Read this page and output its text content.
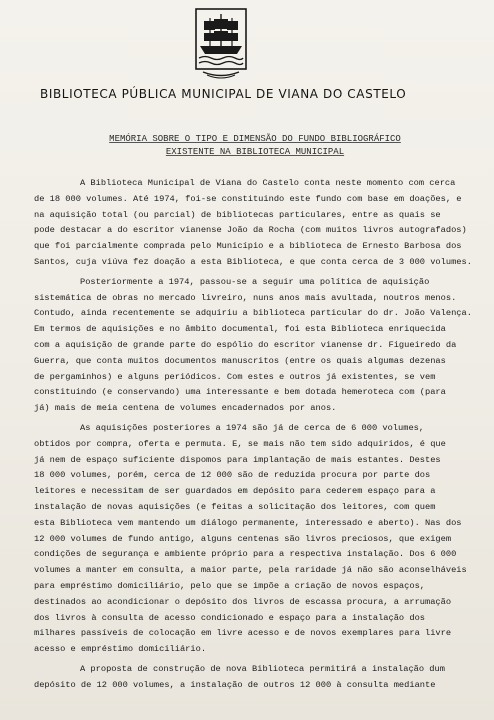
BIBLIOTECA PÚBLICA MUNICIPAL DE VIANA DO CASTELO
MEMÓRIA SOBRE O TIPO E DIMENSÃO DO FUNDO BIBLIOGRÁFICO
EXISTENTE NA BIBLIOTECA MUNICIPAL
A Biblioteca Municipal de Viana do Castelo conta neste momento com cerca
de 18 000 volumes. Até 1974, foi-se constituindo este fundo com base em doações, e
na aquisição total (ou parcial) de bibliotecas particulares, entre as quais se
pode destacar a do escritor vianense João da Rocha (com muitos livros autografados)
que foi parcialmente comprada pelo Município e a biblioteca de Ernesto Barbosa dos
Santos, cuja viúva fez doação a esta Biblioteca, e que conta cerca de 3 000 volumes.
Posteriormente a 1974, passou-se a seguir uma política de aquisição
sistemática de obras no mercado livreiro, nuns anos mais avultada, noutros menos.
Contudo, ainda recentemente se adquiriu a biblioteca particular do dr. João Valença.
Em termos de aquisições e no âmbito documental, foi esta Biblioteca enriquecida
com a aquisição de grande parte do espólio do escritor vianense dr. Figueiredo da
Guerra, que conta muitos documentos manuscritos (entre os quais algumas dezenas
de pergaminhos) e alguns periódicos. Com estes e outros já existentes, se vem
constituindo (e conservando) uma interessante e bem dotada hemeroteca com (para
já) mais de meia centena de volumes encadernados por anos.
As aquisições posteriores a 1974 são já de cerca de 6 000 volumes,
obtidos por compra, oferta e permuta. E, se mais não tem sido adquiridos, é que
já nem de espaço suficiente dispomos para implantação de mais estantes. Destes
18 000 volumes, porém, cerca de 12 000 são de reduzida procura por parte dos
leitores e necessitam de ser guardados em depósito para cederem espaço para a
instalação de novas aquisições (e feitas a solicitação dos leitores, com quem
esta Biblioteca vem mantendo um diálogo permanente, interessado e aberto). Nas dos
12 000 volumes de fundo antigo, alguns centenas são livros preciosos, que exigem
condições de segurança e ambiente próprio para a respectiva instalação. Dos 6 000
volumes a manter em consulta, a maior parte, pela raridade já não são aconselháveis
para empréstimo domiciliário, pelo que se impõe a criação de novos espaços,
destinados ao acondicionar o depósito dos livros de escassa procura, a arrumação
dos livros à consulta de acesso condicionado e espaço para a instalação dos
milhares passíveis de colocação em livre acesso e de novos exemplares para livre
acesso e empréstimo domiciliário.
A proposta de construção de nova Biblioteca permitirá a instalação dum
depósito de 12 000 volumes, a instalação de outros 12 000 à consulta mediante
